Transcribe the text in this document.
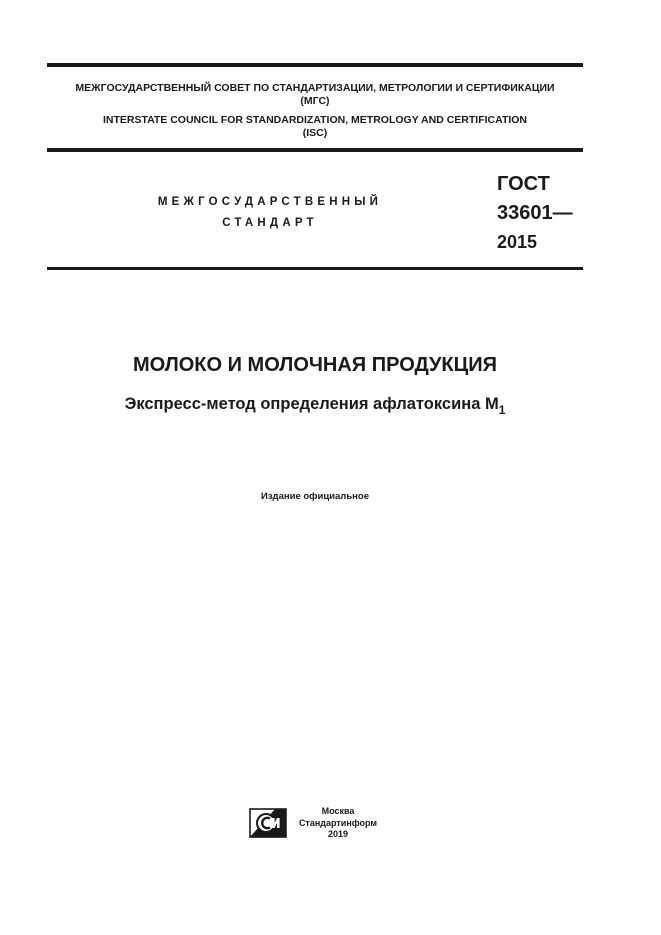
МЕЖГОСУДАРСТВЕННЫЙ СОВЕТ ПО СТАНДАРТИЗАЦИИ, МЕТРОЛОГИИ И СЕРТИФИКАЦИИ
(МГС)
INTERSTATE COUNCIL FOR STANDARDIZATION, METROLOGY AND CERTIFICATION
(ISC)
МЕЖГОСУДАРСТВЕННЫЙ
СТАНДАРТ
ГОСТ
33601—
2015
МОЛОКО И МОЛОЧНАЯ ПРОДУКЦИЯ
Экспресс-метод определения афлатоксина $М_1$
Издание официальное
Москва
Стандартинформ
2019
